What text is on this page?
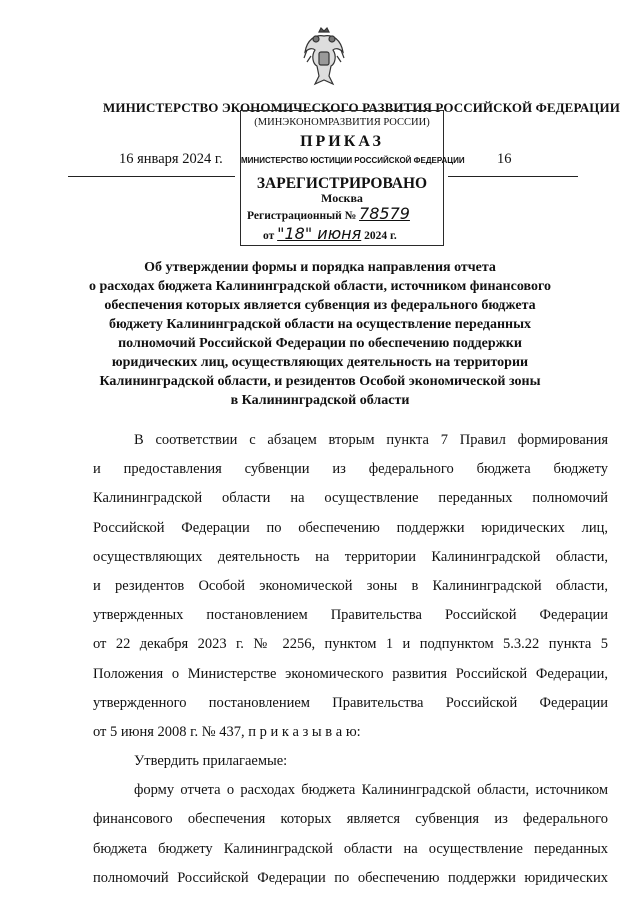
МИНИСТЕРСТВО ЭКОНОМИЧЕСКОГО РАЗВИТИЯ РОССИЙСКОЙ ФЕДЕРАЦИИ
16 января 2024 г.	16
(МИНЭКОНОМРАЗВИТИЯ РОССИИ)
ПРИКАЗ
МИНИСТЕРСТВО ЮСТИЦИИ РОССИЙСКОЙ ФЕДЕРАЦИИ
ЗАРЕГИСТРИРОВАНО
Москва
Регистрационный № 78579
от "18" июня 2024 г.
Об утверждении формы и порядка направления отчета
о расходах бюджета Калининградской области, источником финансового
обеспечения которых является субвенция из федерального бюджета
бюджету Калининградской области на осуществление переданных
полномочий Российской Федерации по обеспечению поддержки
юридических лиц, осуществляющих деятельность на территории
Калининградской области, и резидентов Особой экономической зоны
в Калининградской области
В соответствии с абзацем вторым пункта 7 Правил формирования
и предоставления субвенции из федерального бюджета бюджету
Калининградской области на осуществление переданных полномочий
Российской Федерации по обеспечению поддержки юридических лиц,
осуществляющих деятельность на территории Калининградской области,
и резидентов Особой экономической зоны в Калининградской области,
утвержденных постановлением Правительства Российской Федерации
от 22 декабря 2023 г. № 2256, пунктом 1 и подпунктом 5.3.22 пункта 5
Положения о Министерстве экономического развития Российской Федерации,
утвержденного постановлением Правительства Российской Федерации
от 5 июня 2008 г. № 437, п р и к а з ы в а ю:
Утвердить прилагаемые:
форму отчета о расходах бюджета Калининградской области, источником
финансового обеспечения которых является субвенция из федерального
бюджета бюджету Калининградской области на осуществление переданных
полномочий Российской Федерации по обеспечению поддержки юридических
